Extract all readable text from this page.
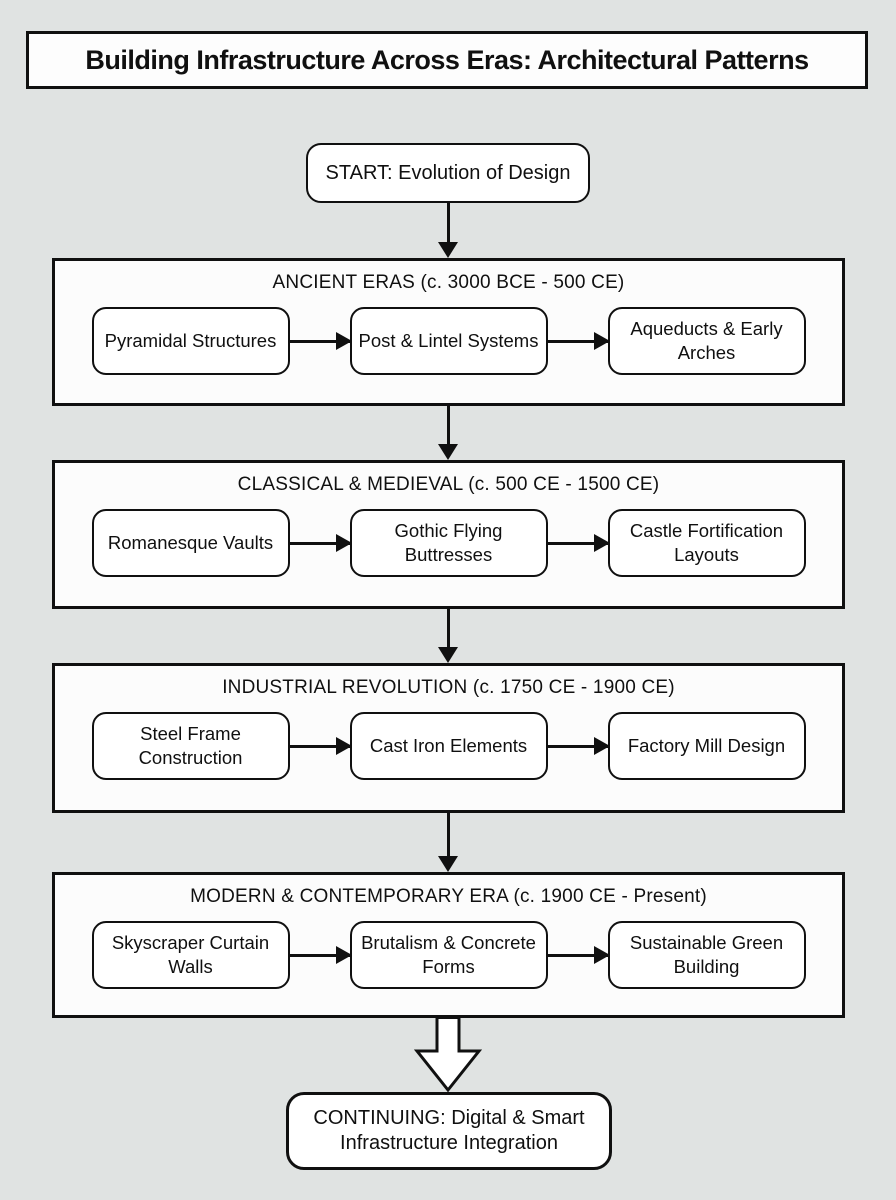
Building Infrastructure Across Eras: Architectural Patterns
START: Evolution of Design
ANCIENT ERAS (c. 3000 BCE - 500 CE)
Pyramidal Structures	Post & Lintel Systems
Aqueducts & Early Arches
CLASSICAL & MEDIEVAL (c. 500 CE - 1500 CE)
Romanesque Vaults
Gothic Flying Buttresses
Castle Fortification Layouts
INDUSTRIAL REVOLUTION (c. 1750 CE - 1900 CE)
Steel Frame Construction
Cast Iron Elements	Factory Mill Design
MODERN & CONTEMPORARY ERA (c. 1900 CE - Present)
Skyscraper Curtain Walls
Brutalism & Concrete Forms
Sustainable Green Building
CONTINUING: Digital & Smart Infrastructure Integration
